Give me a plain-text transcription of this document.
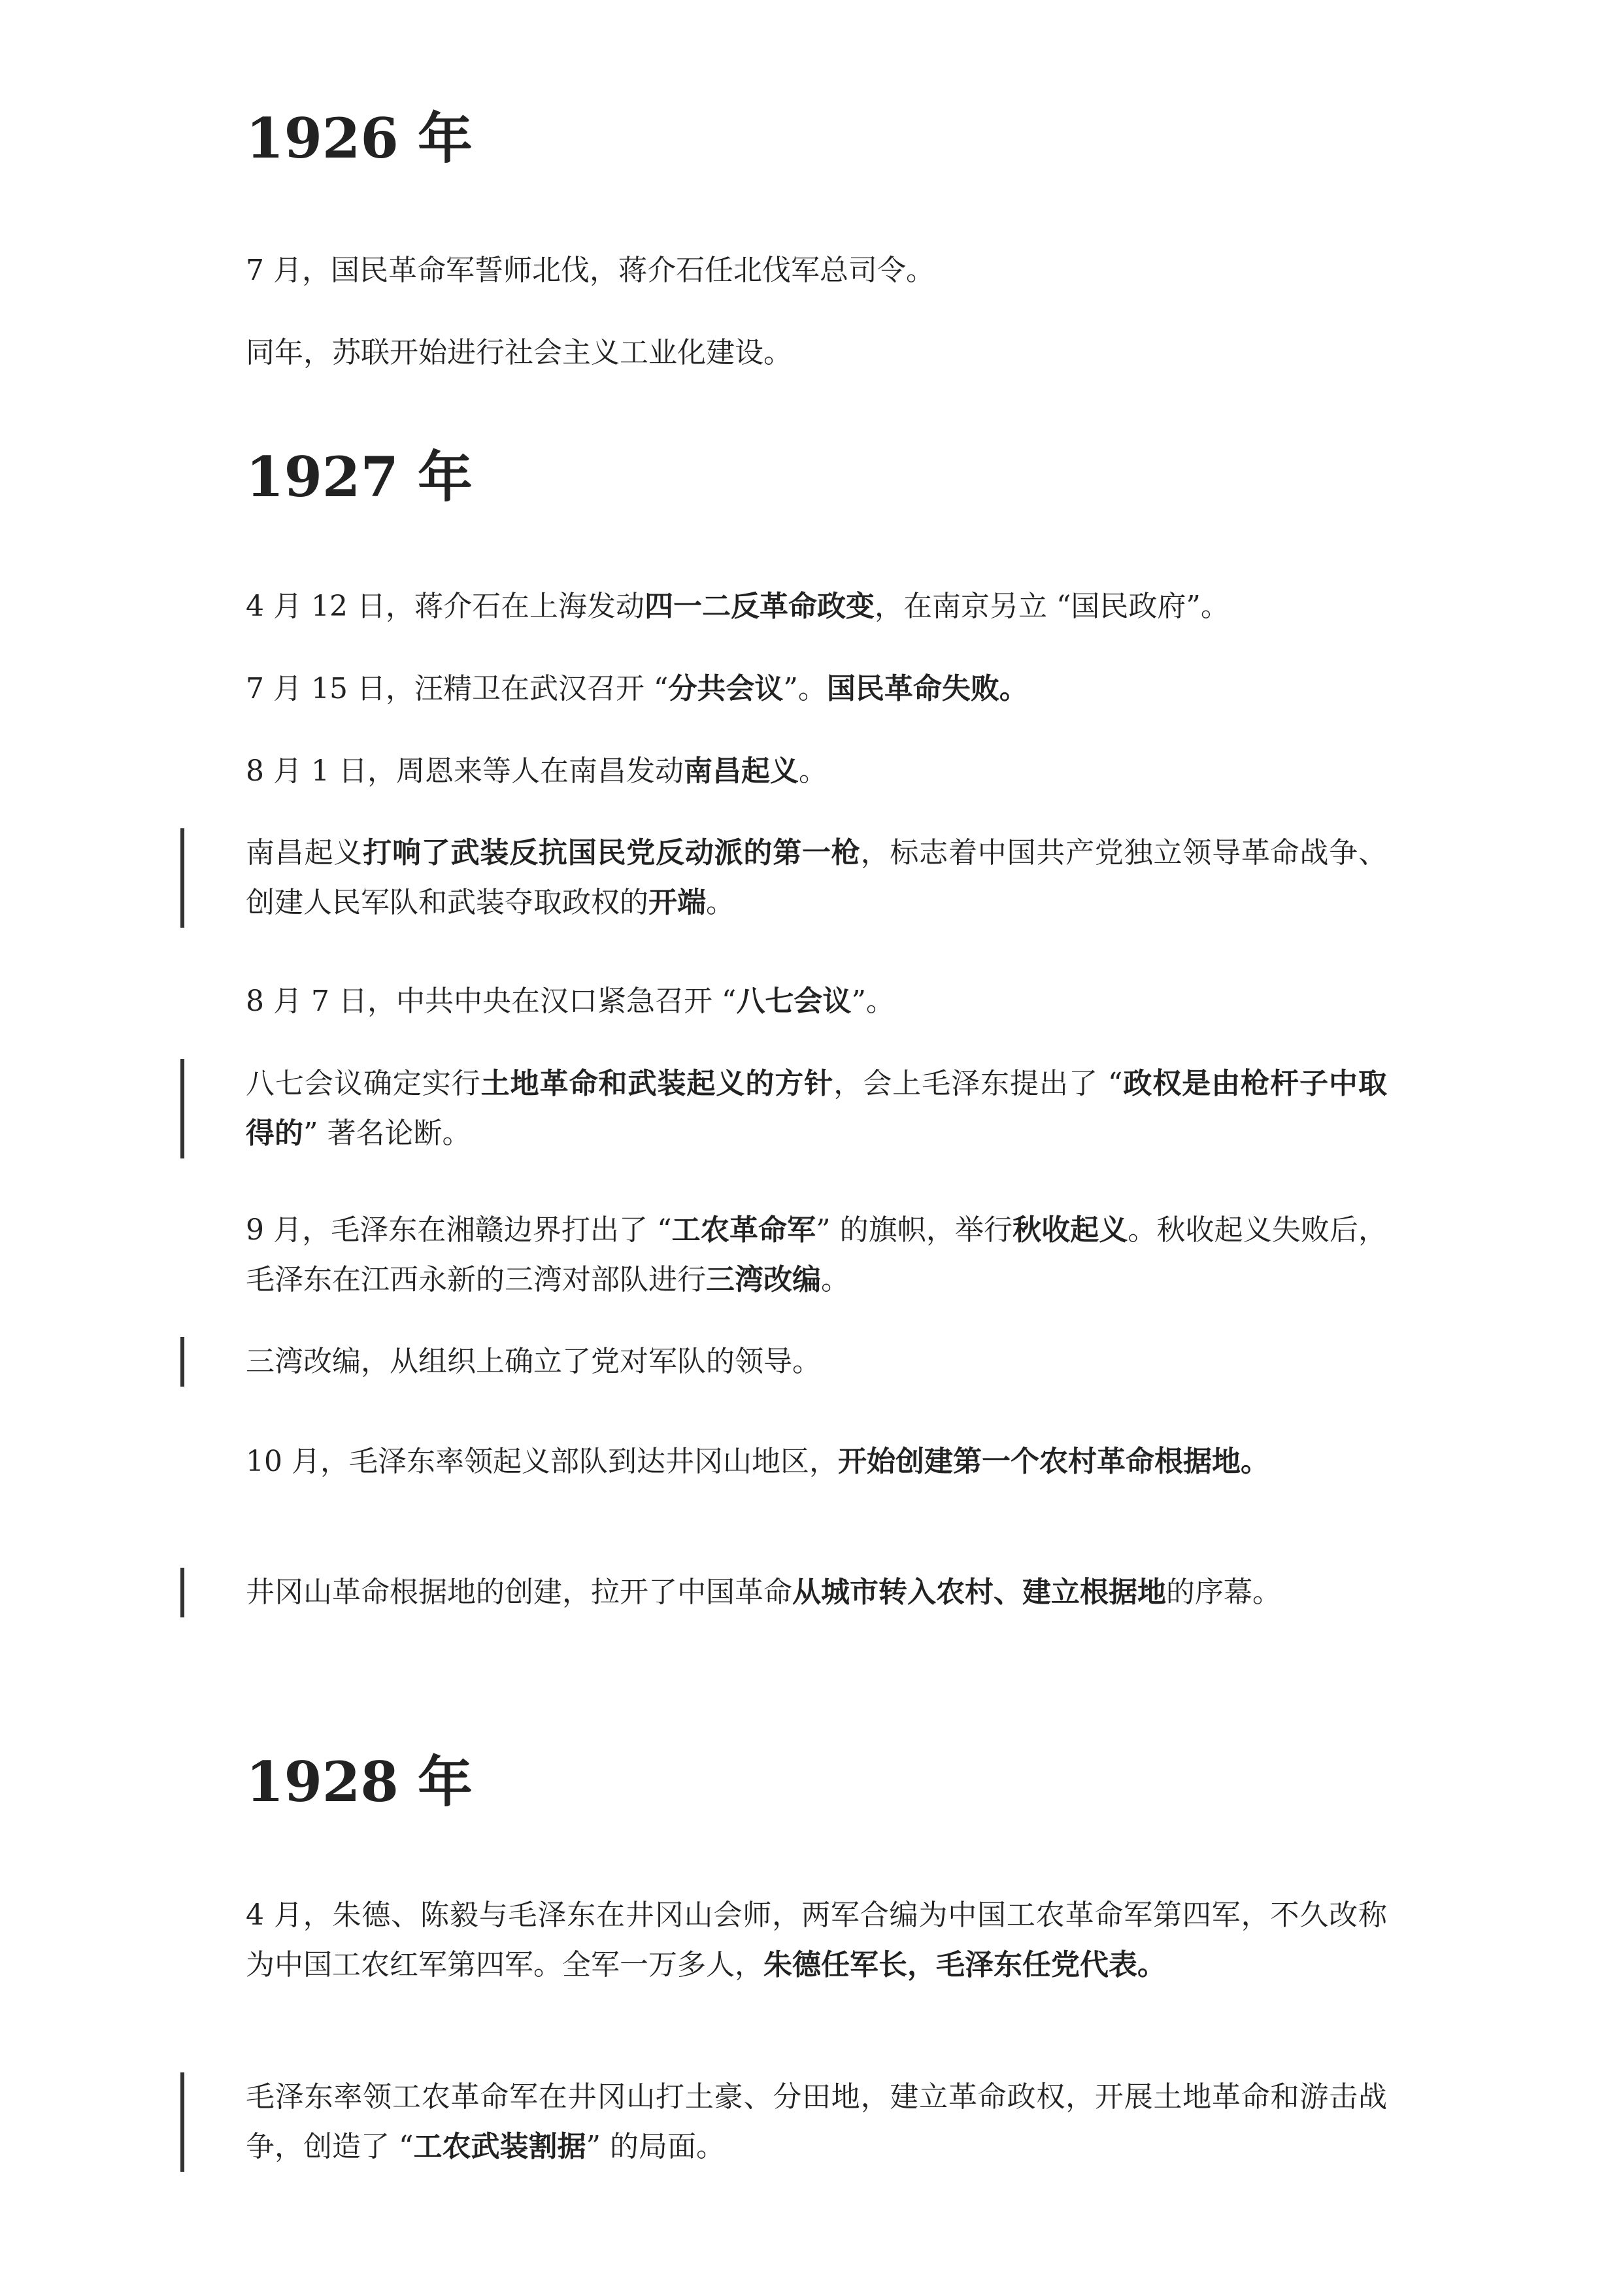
1926 年

7 月，国民革命军誓师北伐，蒋介石任北伐军总司令。

同年，苏联开始进行社会主义工业化建设。

1927 年

4 月 12 日，蒋介石在上海发动四一二反革命政变，在南京另立 “国民政府”。

7 月 15 日，汪精卫在武汉召开 “分共会议”。国民革命失败。

8 月 1 日，周恩来等人在南昌发动南昌起义。

南昌起义打响了武装反抗国民党反动派的第一枪，标志着中国共产党独立领导革命战争、创建人民军队和武装夺取政权的开端。

8 月 7 日，中共中央在汉口紧急召开 “八七会议”。

八七会议确定实行土地革命和武装起义的方针，会上毛泽东提出了 “政权是由枪杆子中取得的” 著名论断。

9 月，毛泽东在湘赣边界打出了 “工农革命军” 的旗帜，举行秋收起义。秋收起义失败后，毛泽东在江西永新的三湾对部队进行三湾改编。

三湾改编，从组织上确立了党对军队的领导。

10 月，毛泽东率领起义部队到达井冈山地区，开始创建第一个农村革命根据地。

井冈山革命根据地的创建，拉开了中国革命从城市转入农村、建立根据地的序幕。

1928 年

4 月，朱德、陈毅与毛泽东在井冈山会师，两军合编为中国工农革命军第四军，不久改称为中国工农红军第四军。全军一万多人，朱德任军长，毛泽东任党代表。

毛泽东率领工农革命军在井冈山打土豪、分田地，建立革命政权，开展土地革命和游击战争，创造了 “工农武装割据” 的局面。
